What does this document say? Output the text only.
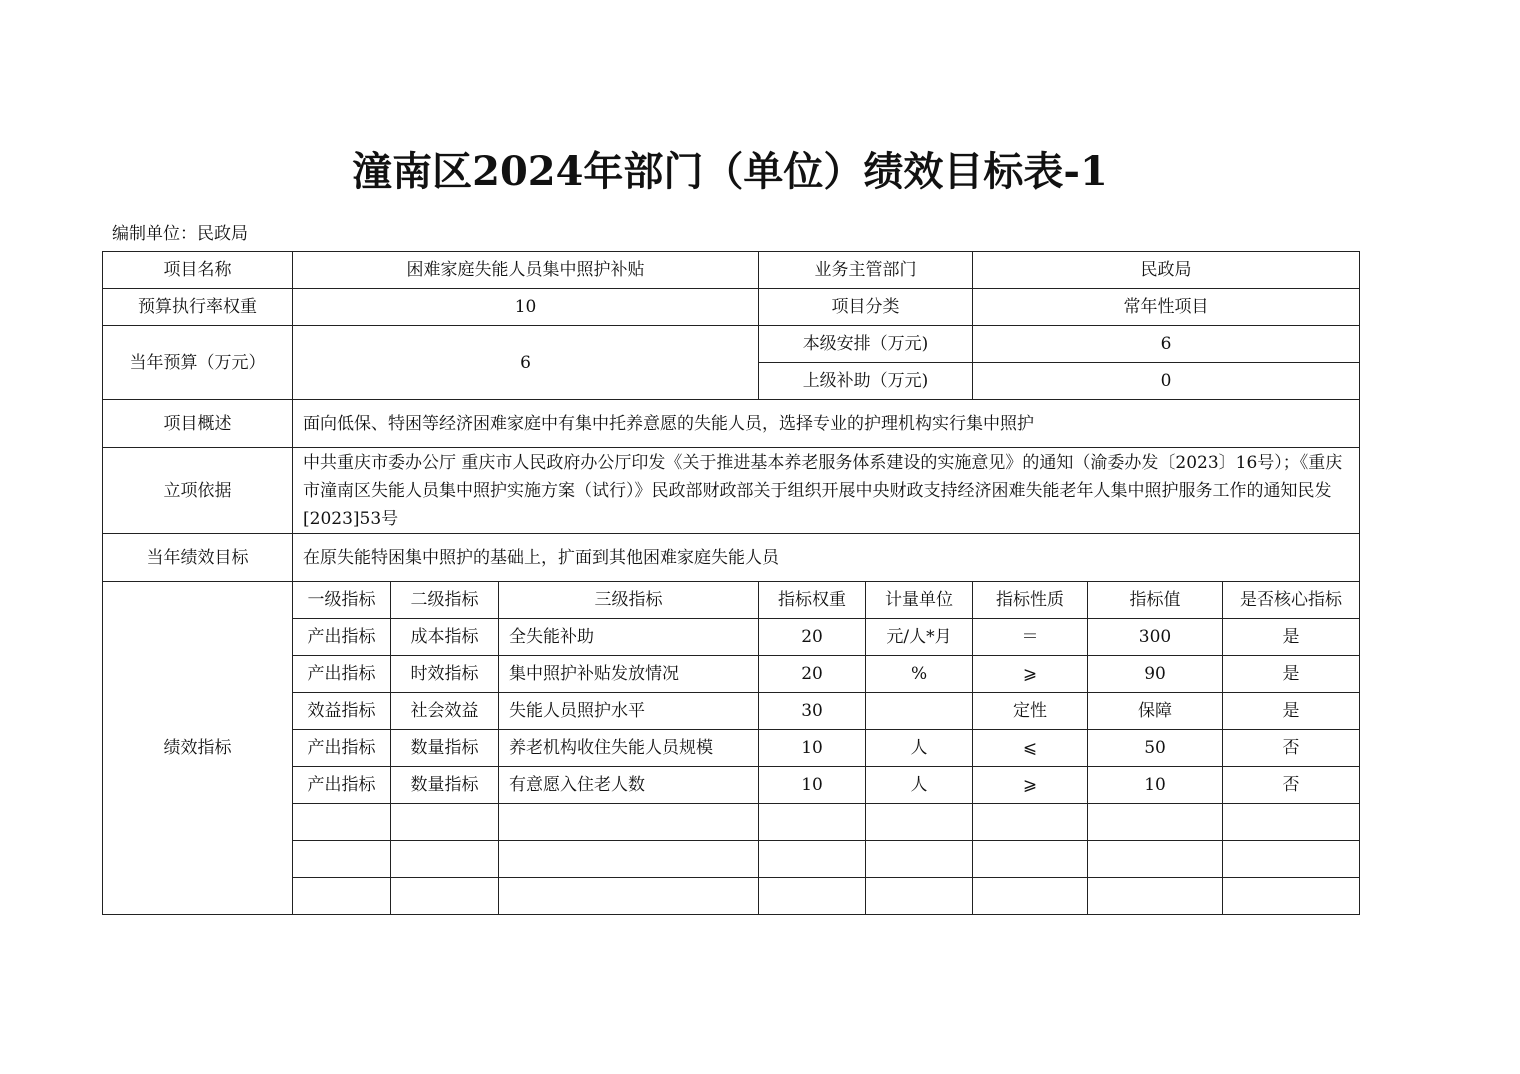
潼南区2024年部门（单位）绩效目标表-1
编制单位：民政局
项目名称	困难家庭失能人员集中照护补贴			业务主管部门		民政局		
预算执行率权重	10			项目分类		常年性项目		
当年预算（万元）	6			本级安排（万元)		6		
				上级补助（万元)		0		
项目概述	面向低保、特困等经济困难家庭中有集中托养意愿的失能人员，选择专业的护理机构实行集中照护							
立项依据	中共重庆市委办公厅 重庆市人民政府办公厅印发《关于推进基本养老服务体系建设的实施意见》的通知（渝委办发〔2023〕16号）；《重庆市潼南区失能人员集中照护实施方案（试行）》民政部财政部关于组织开展中央财政支持经济困难失能老年人集中照护服务工作的通知民发[2023]53号							
当年绩效目标	在原失能特困集中照护的基础上，扩面到其他困难家庭失能人员							
绩效指标	一级指标	二级指标	三级指标	指标权重	计量单位	指标性质	指标值	是否核心指标
	产出指标	成本指标	全失能补助	20	元/人*月	＝	300	是
	产出指标	时效指标	集中照护补贴发放情况	20	%	⩾	90	是
	效益指标	社会效益	失能人员照护水平	30		定性	保障	是
	产出指标	数量指标	养老机构收住失能人员规模	10	人	⩽	50	否
	产出指标	数量指标	有意愿入住老人数	10	人	⩾	10	否
